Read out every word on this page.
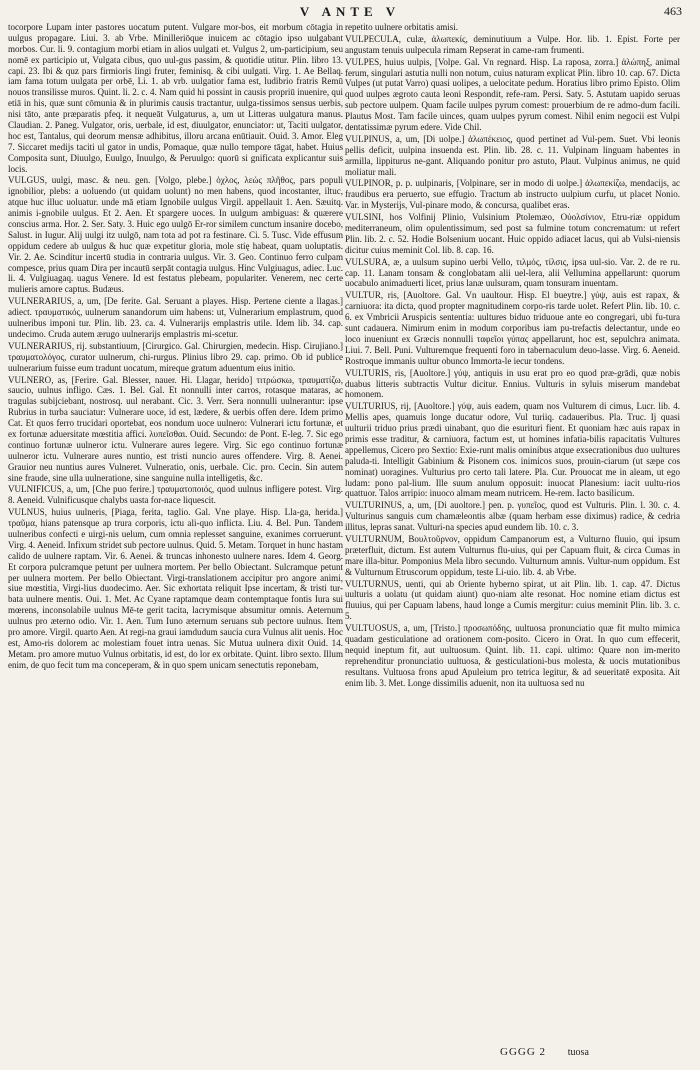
V ANTE V	463

tocorpore Lupam inter pastores uocatum putent. Vulgare mor-bos, eit morbum cōtagia in uulgus propagare. Liui. 3. ab Vrbe. Minilleriōque inuicem ac cōtagio ipso uulgabant morbos. Cur. li. 9. contagium morbi etiam in alios uulgati et. Vulgus 2, um-participium, seu nomē ex participio ut, Vulgata cibus, quo uul-gus passim, & quotidie utitur. Plin. libro 13. capi. 23. Ibi & quz pars firmioris lingi fruter, feminisq. & cibi uulgati. Virg. 1. Ae Bellaq. iam fama totum uulgata per orbē, Li. 1. ab vrb. uulgatior fama est, ludibrio fratris Remū nouos transilisse muros. Quint. li. 2. c. 4. Nam quid hi possint in causis propriū inuenire, qui etiā in his, quæ sunt cōmunia & in plurimis causis tractantur, uulga-tissimos sensus uerbis, nisi tāto, ante præparatis pfeq. it nequeāt Vulgaturus, a, um ut Litteras uulgatura manus. Claudian. 2. Paneg. Vulgator, oris, uerbale, id est, diuulgator, enunciator: ut, Taciti uulgator, hoc est, Tantalus, qui deorum mensæ adhibitus, illoru arcana enūtiauit. Ouid. 3. Amor. Eleg 7. Siccaret medijs taciti ul gator in undis, Pomaque, quæ nullo tempore tāgat, habet. Huius Composita sunt, Diuulgo, Euulgo, Inuulgo, & Peruulgo: quorū si gnificata explicantur suis locis.

VULGUS, uulgi, masc. & neu. gen. [Volgo, plebe.] ὀχλος, λεώς πλῆθος, pars populi ignobilior, plebs: a uoluendo (ut quidam uolunt) no men habens, quod incostanter, iltuc, atque huc illuc uoluatur. unde mā etiam Ignobile uulgus Virgil. appellauit 1. Aen. Sæuitq. animis i-gnobile uulgus. Et 2. Aen. Et spargere uoces. In uulgum ambiguas: & quærere conscius arma. Hor. 2. Ser. Saty. 3. Huic ego uulgō Er-ror similem cunctum insanire docebo, Salust. in Iugur. Alij uulgi itz uulgō, nam tota ad pot ra festinare. Ci. 5. Tusc. Vide effusum oppidum cedere ab uulgus & huc quæ expetitur gloria, mole stię habeat, quam uoluptatis. Vir. 2. Ae. Scinditur incertū studia in contraria uulgus. Vir. 3. Geo. Continuo ferro culpam compesce, prius quam Dira per incautū serpāt contagia uulgus. Hinc Vulgiuagus, adiec. Luc. li. 4. Vulgiuagaq. uagus Venere. Id est festatus plebeam, populariter. Venerem, nec certe mulieris amore captus. Budæus.

VULNERARIUS, a, um, [De ferite. Gal. Seruant a playes. Hisp. Pertene ciente a llagas.] adiect. τραυματικός, uulnerum sanandorum uim habens: ut, Vulnerarium emplastrum, quod uulneribus imponi tur. Plin. lib. 23. ca. 4. Vulnerarijs emplastris utile. Idem lib. 34. cap. undecimo. Cruda autem ærugo uulnerarijs emplastris mi-scetur.

VULNERARIUS, rij. substantiuum, [Cirurgico. Gal. Chirurgien, medecin. Hisp. Cirujiano.] τραυματολόγος, curator uulnerum, chi-rurgus. Plinius libro 29. cap. primo. Ob id publice uulnerarium fuisse eum tradunt uocatum, mireque gratum aduentum eius initio.

VULNERO, as, [Ferire. Gal. Blesser, nauer. Hi. Llagar, herido] τιτρώσκω, τραυματίζω, saucio, uulnus infligo. Cæs. 1. Bel. Gal. Et nonnulli inter carros, rotasque mataras, ac tragulas subijciebant, nostrosq. uul nerabant. Cic. 3. Verr. Sera nonnulli uulnerantur: ipse Rubrius in turba sauciatur: Vulnerare uoce, id est, lædere, & uerbis offen dere. Idem primo Cat. Et quos ferro trucidari oportebat, eos nondum uoce uulnero: Vulnerari ictu fortunæ, et ex fortunæ aduersitate mœstitia affici. λυπεῖσθαι. Ouid. Secundo: de Pont. E-leg. 7. Sic ego continuo fortunæ uulneror ictu. Vulnerare aures legere. Virg. Sic ego continuo fortunæ uulneror ictu. Vulnerare aures nuntio, est tristi nuncio aures offendere. Virg. 8. Aenei. Grauior neu nuntius aures Vulneret. Vulneratio, onis, uerbale. Cic. pro. Cecin. Sin autem sine fraude, sine ulla uulneratione, sine sanguine nulla intelligetis, &c.

VULNIFICUS, a, um, [Che puo ferire.] τραυματοποιός, quod uulnus infligere potest. Virg. 8. Aeneid. Vulnificusque chalybs uasta for-nace liquescit.

VULNUS, huius uulneris, [Piaga, ferita, taglio. Gal. Vne playe. Hisp. Lla-ga, herida.] τραῦμα, hians patensque ap trura corporis, ictu ali-quo inflicta. Liu. 4. Bel. Pun. Tandem uulneribus confecti e uirgi-nis uelum, cum omnia replesset sanguine, exanimes corruerunt. Virg. 4. Aeneid. Infixum stridet sub pectore uulnus. Quid. 5. Metam. Torquet in hunc hastam calido de uulnere raptam. Vir. 6. Aenei. & truncas inhonesto uulnere nares. Idem 4. Georg. Et corpora pulcramque petunt per uulnera mortem. Per bello Obiectant. Sulcramque petunt per uulnera mortem. Per bello Obiectant. Virgi-translationem accipitur pro angore animi, siue mœstitia, Virgi-lius duodecimo. Aer. Sic exhortata reliquit Ipse incertam, & tristi tur-bata uulnere mentis. Oui. 1. Met. Ac Cyane raptamque deam contemptaque fontis Iura sui mœrens, inconsolabile uulnus Mē-te gerit tacita, lacrymisque absumitur omnis. Aeternum uulnus pro æterno odio. Vir. 1. Aen. Tum Iuno æternum seruans sub pectore uulnus. Item pro amore. Virgil. quarto Aen. At regi-na graui iamdudum saucia cura Vulnus alit uenis. Hoc est, Amo-ris dolorem ac molestiam fouet intra uenas. Sic Mutua uulnera dixit Ouid. 14. Metam. pro amore mutuo Vulnus orbitatis, id est, do lor ex orbitate. Quint. libro sexto. Illum enim, de quo fecit tum ma conceperam, & in quo spem unicam senectutis reponebam,

repetito uulnere orbitatis amisi.

VULPECULA, culæ, ἀλωπεκίς, deminutiuum a Vulpe. Hor. lib. 1. Epist. Forte per angustam tenuis uulpecula rimam Repserat in came-ram frumenti.

VULPES, huius uulpis, [Volpe. Gal. Vn regnard. Hisp. La raposa, zorra.] ἀλώπηξ, animal ferum, singulari astutia nulli non notum, cuius naturam explicat Plin. libro 10. cap. 67. Dicta Vulpes (ut putat Varro) quasi uolipes, a uelocitate pedum. Horatius libro primo Episto. Olim quod uulpes ægroto cauta leoni Respondit, refe-ram. Persi. Saty. 5. Astutam uapido seruas sub pectore uulpem. Quam facile uulpes pyrum comest: prouerbium de re admo-dum facili. Plautus Most. Tam facile uinces, quam uulpes pyrum comest. Nihil enim negocii est Vulpi dentatissimæ pyrum edere. Vide Chil.

VULPINUS, a, um, [Di uolpe.] ἀλωπέκειος, quod pertinet ad Vul-pem. Suet. Vbi leonis pellis deficit, uulpina insuenda est. Plin. lib. 28. c. 11. Vulpinam linguam habentes in armilla, lippiturus ne-gant. Aliquando ponitur pro astuto, Plaut. Vulpinus animus, ne quid moliatur mali.

VULPINOR, p. p. uulpinaris, [Volpinare, ser in modo di uolpe.] ἀλωπεκίζω, mendacijs, ac fraudibus era peruerto, sue effugio. Tractum ab instructo uulpium curfu, ut placet Nonio. Var. in Mysterijs, Vul-pinare modo, & concursa, qualibet eras.

VULSINI, hos Volfinij Plinio, Vulsinium Ptolemæo, Οὐολσίνιον, Etru-riæ oppidum mediterraneum, olim opulentissimum, sed post sa fulmine totum concrematum: ut refert Plin. lib. 2. c. 52. Hodie Bolsenium uocant. Huic oppido adiacet lacus, qui ab Vulsi-niensis dicitur cuius meminit Col. lib. 8. cap. 16.

VULSURA, æ, a uulsum supino uerbi Vello, τιλμός, τίλσις, ipsa uul-sio. Var. 2. de re ru. cap. 11. Lanam tonsam & conglobatam alii uel-lera, alii Vellumina appellarunt: quorum uocabulo animaduerti licet, prius lanæ uulsuram, quam tonsuram inuentam.

VULTUR, ris, [Auoltore. Gal. Vn uaultour. Hisp. El bueytre.] γύψ, auis est rapax, & carniuora: ita dicta, quod propter magnitudinem corpo-ris tarde uolet. Refert Plin. lib. 10. c. 6. ex Vmbricii Aruspicis sententia: uultures biduo triduoue ante eo congregari, ubi fu-tura sunt cadauera. Nimirum enim in modum corporibus iam pu-trefactis delectantur, unde eo loco inueniunt ex Græcis nonnulli ταφεῖοι γύπας appellarunt, hoc est, sepulchra animata. Liui. 7. Bell. Puni. Vulturemque frequenti foro in tabernaculum deuo-lasse. Virg. 6. Aeneid. Rostroque immanis uultur obunco Immorta-le iecur tondens.

VULTURIS, ris, [Auoltore.] γύψ, antiquis in usu erat pro eo quod præ-grādi, quæ nobis duabus litteris subtractis Vultur dicitur. Ennius. Vulturis in syluis miserum mandebat homonem.

VULTURIUS, rij, [Auoltore.] γύψ, auis eadem, quam nos Vulturem di cimus, Lucr. lib. 4. Mellis apes, quamuis longe ducatur odore, Vul turiiq. cadaueribus. Pla. Truc. Ij quasi uulturii triduo prius prædi uinabant, quo die esurituri fient. Et quoniam hæc auis rapax in primis esse traditur, & carniuora, factum est, ut homines infatia-bilis rapacitatis Vultures appellemus, Cicero pro Sextio: Exie-runt malis ominibus atque exsecrationibus duo uultures paluda-ti. Intelligit Gabinium & Pisonem cos. inimicos suos, prouin-ciarum (ut sæpe cos nominat) uoragines. Vulturius pro certo tali latere. Pla. Cur. Prouocat me in aleam, ut ego ludam: pono pal-lium. Ille suum anulum opposuit: inuocat Planesium: iacit uultu-rios quattuor. Talos arripio: inuoco almam meam nutricem. He-rem. Iacto basilicum.

VULTURINUS, a, um, [Di auoltore.] pen. p. γυπεῖος, quod est Vulturis. Plin. l. 30. c. 4. Vulturinus sanguis cum chamæleontis albæ (quam herbam esse diximus) radice, & cedria illitus, lepras sanat. Vulturi-na species apud eundem lib. 10. c. 3.

VULTURNUM, Βουλτοῦρνον, oppidum Campanorum est, a Vulturno fluuio, qui ipsum præterfluit, dictum. Est autem Vulturnus flu-uius, qui per Capuam fluit, & circa Cumas in mare illa-bitur. Pomponius Mela libro secundo. Vulturnum amnis. Vultur-num oppidum. Est & Vulturnum Etruscorum oppidum, teste Li-uio. lib. 4. ab Vrbe.

VULTURNUS, uenti, qui ab Oriente hyberno spirat, ut ait Plin. lib. 1. cap. 47. Dictus uulturis a uolatu (ut quidam aiunt) quo-niam alte resonat. Hoc nomine etiam dictus est fluuius, qui per Capuam labens, haud longe a Cumis mergitur: cuius meminit Plin. lib. 3. c. 5.

VULTUOSUS, a, um, [Tristo.] προσωπόδης, uultuosa pronunciatio quæ fit multo mimica quadam gesticulatione ad orationem com-posito. Cicero in Orat. In quo cum effecerit, nequid ineptum fit, aut uultuosum. Quint. lib. 11. capi. ultimo: Quare non im-merito reprehenditur pronunciatio uultuosa, & gesticulationi-bus molesta, & uocis mutationibus resultans. Vultuosa frons apud Apuleium pro tetrica legitur, & ad seueritatē exposita. Ait enim lib. 3. Met. Longe dissimilis aduenit, non ita uultuosa sed nu

GGGG 2 tuosa
